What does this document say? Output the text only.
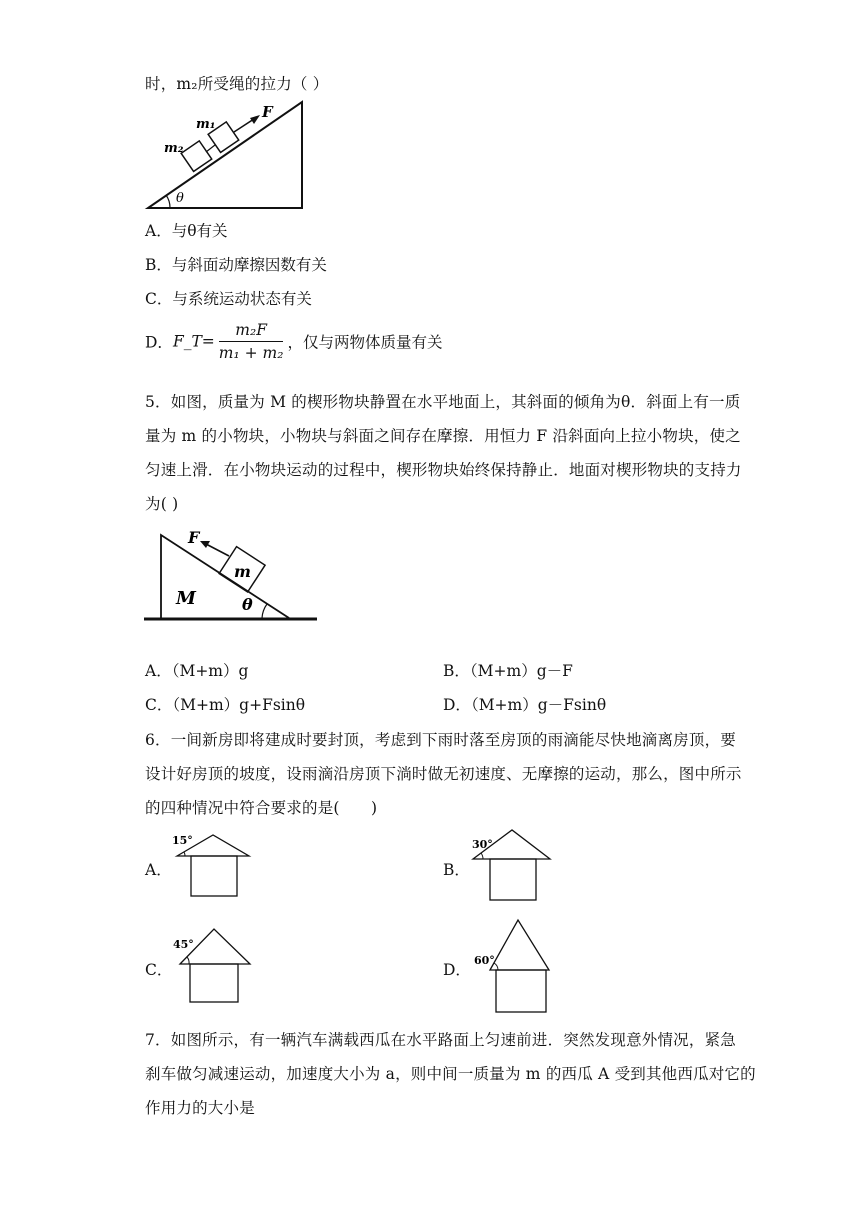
时，m₂所受绳的拉力（ ）
m₁
m₂
F
θ
A．与θ有关
B．与斜面动摩擦因数有关
C．与系统运动状态有关
D．F_T= $\frac{\text{m₂F}}{\text{m₁ + m₂}}$ ，仅与两物体质量有关
5．如图，质量为 M 的楔形物块静置在水平地面上，其斜面的倾角为θ．斜面上有一质
量为 m 的小物块，小物块与斜面之间存在摩擦．用恒力 F 沿斜面向上拉小物块，使之
匀速上滑．在小物块运动的过程中，楔形物块始终保持静止．地面对楔形物块的支持力
为( )
F
m
M	θ
A．（M+m）g	B．（M+m）g－F
C．（M+m）g+Fsinθ	D．（M+m）g－Fsinθ
6．一间新房即将建成时要封顶，考虑到下雨时落至房顶的雨滴能尽快地滴离房顶，要
设计好房顶的坡度，设雨滴沿房顶下淌时做无初速度、无摩擦的运动，那么，图中所示
的四种情况中符合要求的是(　　)
A．
15°
B．
30°
C．
45°
D．
60°
7．如图所示，有一辆汽车满载西瓜在水平路面上匀速前进．突然发现意外情况，紧急
刹车做匀减速运动，加速度大小为 a，则中间一质量为 m 的西瓜 A 受到其他西瓜对它的
作用力的大小是
